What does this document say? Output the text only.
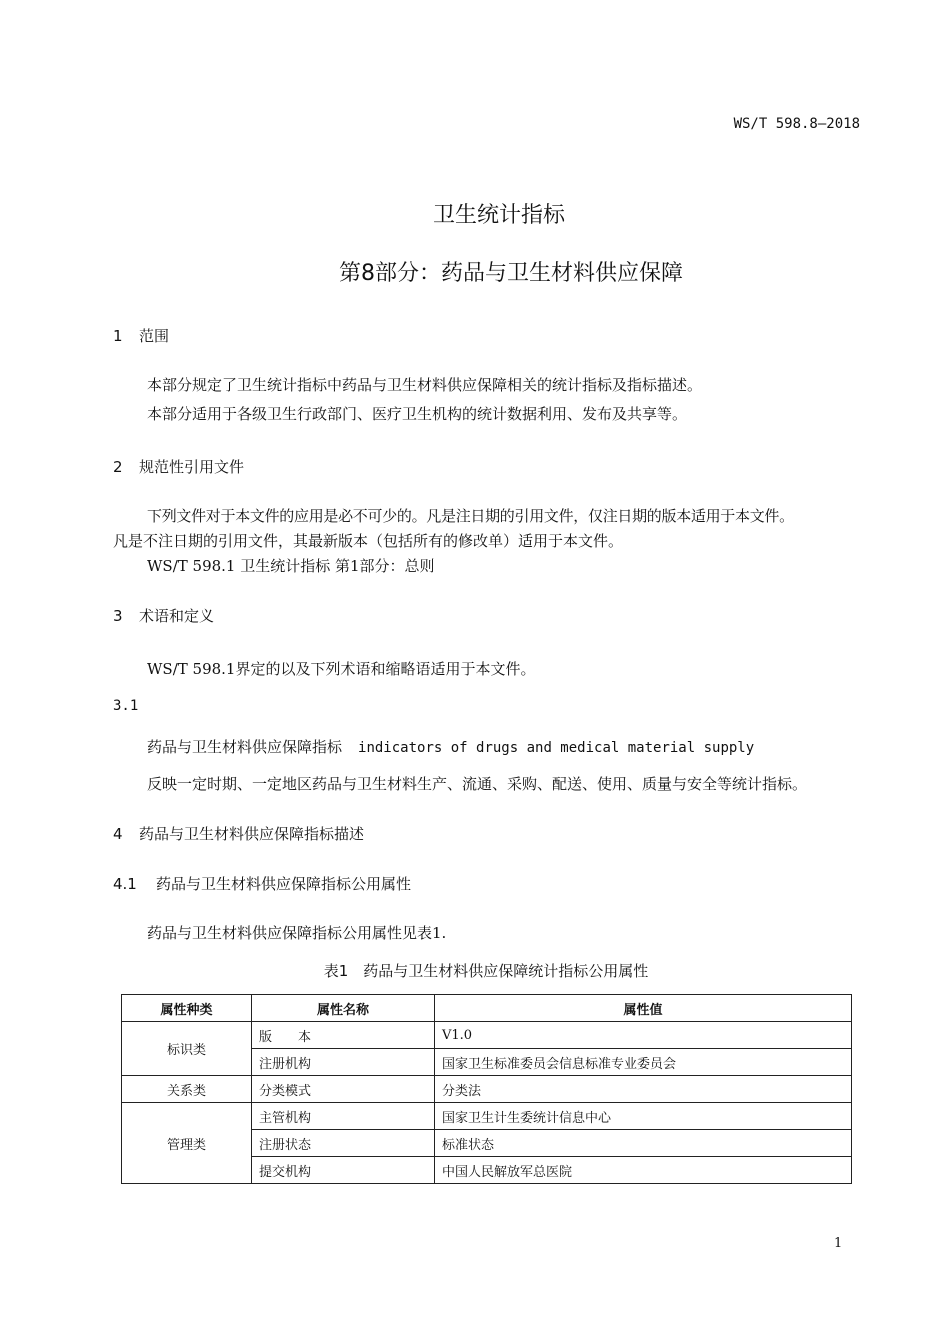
WS/T 598.8—2018
卫生统计指标
第8部分：药品与卫生材料供应保障
1 范围
本部分规定了卫生统计指标中药品与卫生材料供应保障相关的统计指标及指标描述。
本部分适用于各级卫生行政部门、医疗卫生机构的统计数据利用、发布及共享等。
2 规范性引用文件
下列文件对于本文件的应用是必不可少的。凡是注日期的引用文件，仅注日期的版本适用于本文件。
凡是不注日期的引用文件，其最新版本（包括所有的修改单）适用于本文件。
WS/T 598.1 卫生统计指标 第1部分：总则
3 术语和定义
WS/T 598.1界定的以及下列术语和缩略语适用于本文件。
3.1
药品与卫生材料供应保障指标 indicators of drugs and medical material supply
反映一定时期、一定地区药品与卫生材料生产、流通、采购、配送、使用、质量与安全等统计指标。
4 药品与卫生材料供应保障指标描述
4.1 药品与卫生材料供应保障指标公用属性
药品与卫生材料供应保障指标公用属性见表1.
表1　药品与卫生材料供应保障统计指标公用属性
属性种类	属性名称	属性值
标识类	版　　本	V1.0
	注册机构	国家卫生标准委员会信息标准专业委员会
关系类	分类模式	分类法
管理类	主管机构	国家卫生计生委统计信息中心
	注册状态	标准状态
	提交机构	中国人民解放军总医院
1
